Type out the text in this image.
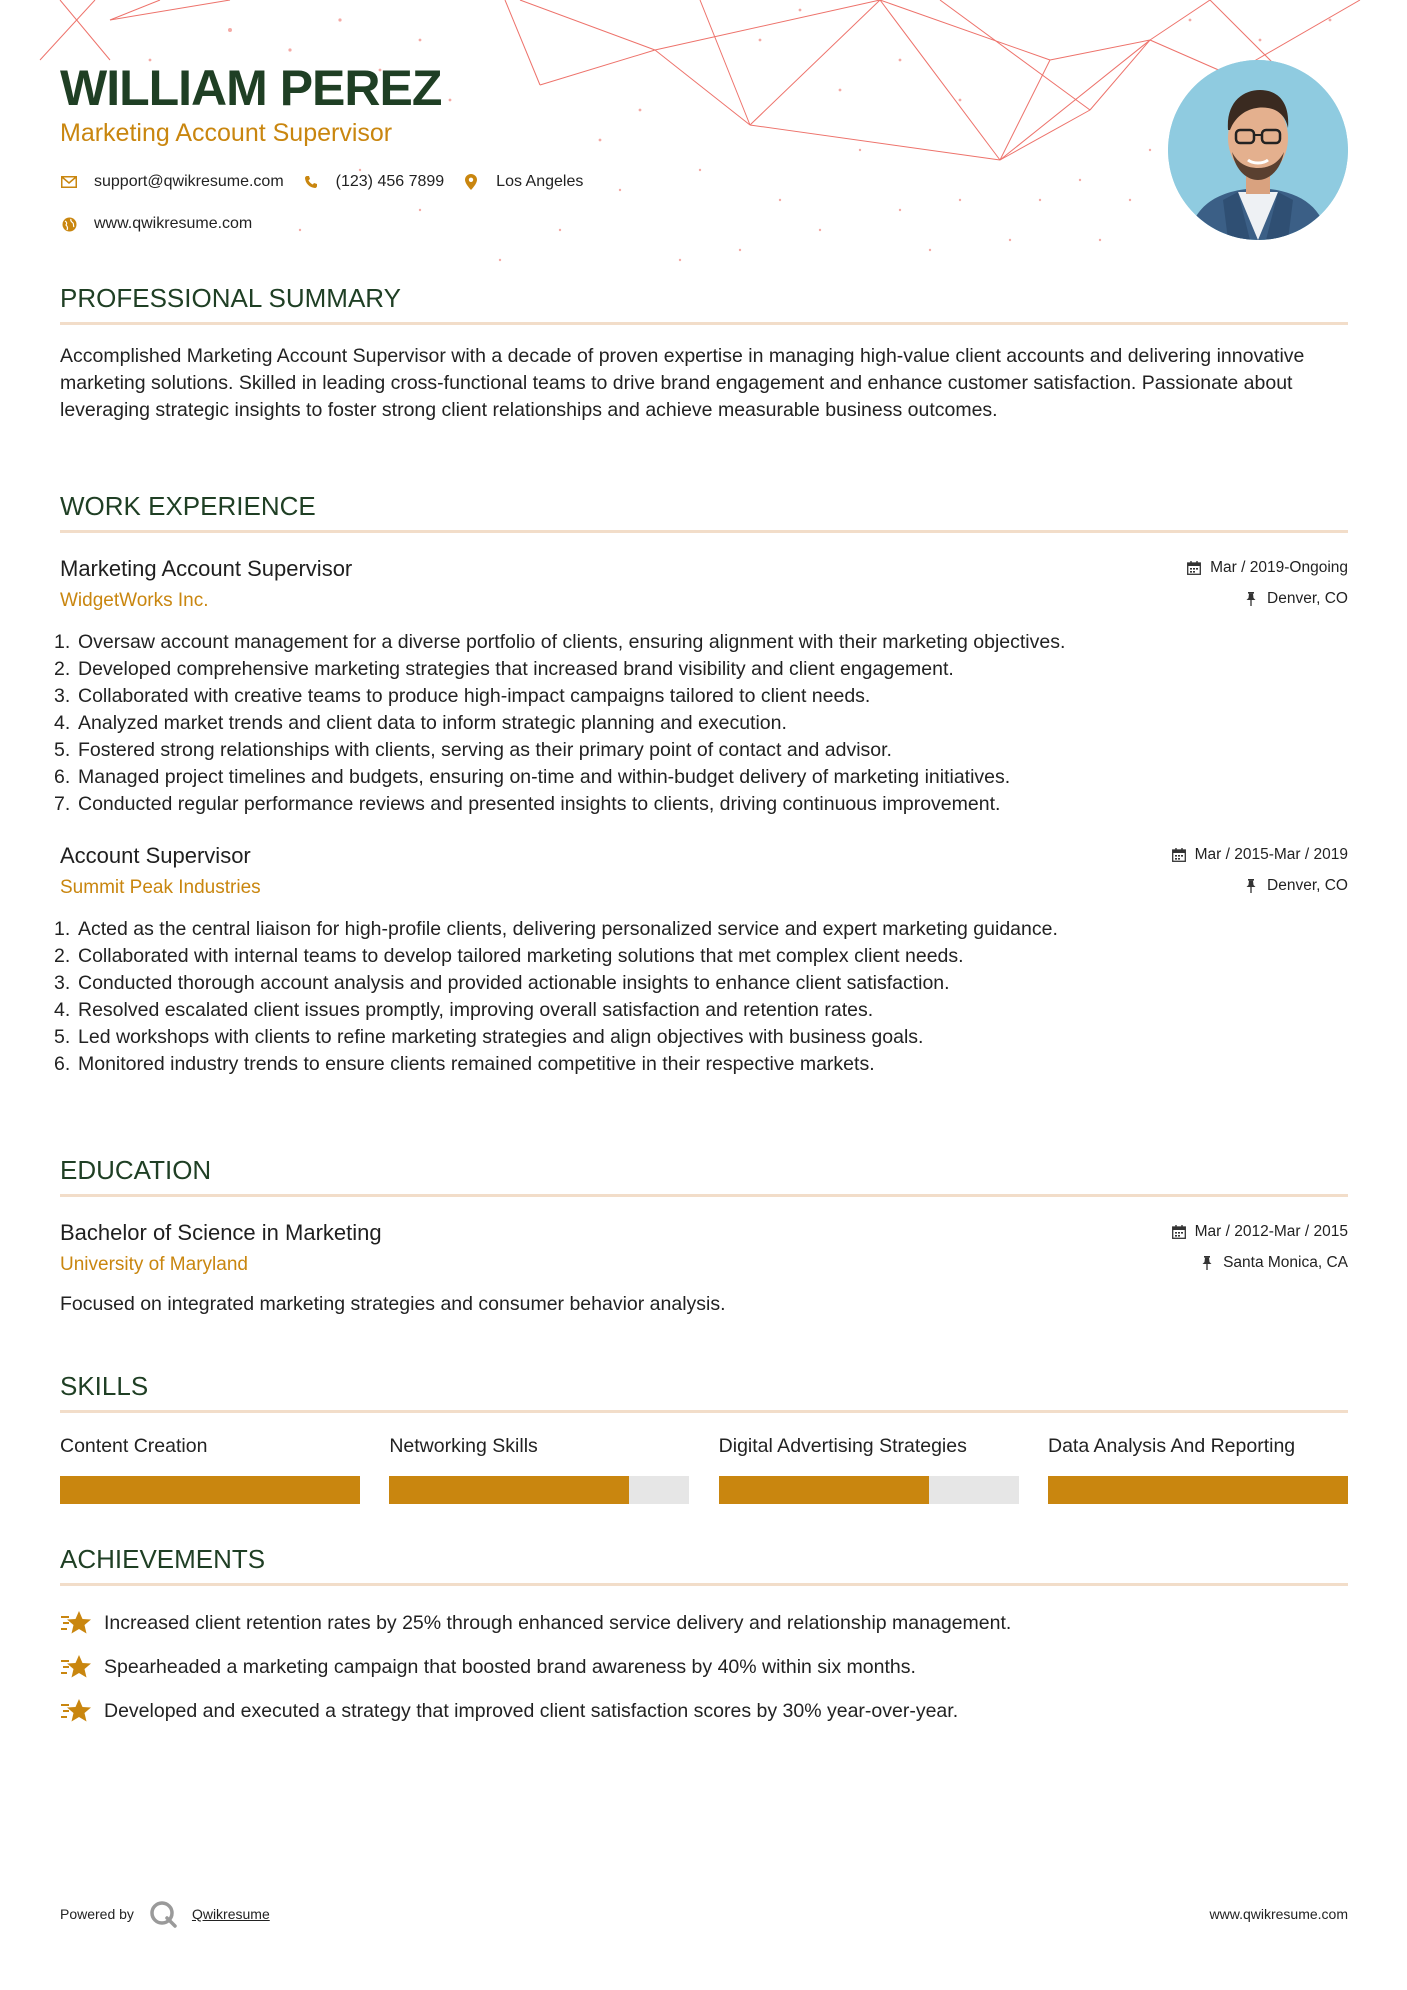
WILLIAM PEREZ
Marketing Account Supervisor
support@qwikresume.com	(123) 456 7899	Los Angeles
www.qwikresume.com
PROFESSIONAL SUMMARY
Accomplished Marketing Account Supervisor with a decade of proven expertise in managing high-value client accounts and delivering innovative marketing solutions. Skilled in leading cross-functional teams to drive brand engagement and enhance customer satisfaction. Passionate about leveraging strategic insights to foster strong client relationships and achieve measurable business outcomes.
WORK EXPERIENCE
Marketing Account Supervisor
WidgetWorks Inc.
Mar / 2019-Ongoing
Denver, CO
1. Oversaw account management for a diverse portfolio of clients, ensuring alignment with their marketing objectives.
2. Developed comprehensive marketing strategies that increased brand visibility and client engagement.
3. Collaborated with creative teams to produce high-impact campaigns tailored to client needs.
4. Analyzed market trends and client data to inform strategic planning and execution.
5. Fostered strong relationships with clients, serving as their primary point of contact and advisor.
6. Managed project timelines and budgets, ensuring on-time and within-budget delivery of marketing initiatives.
7. Conducted regular performance reviews and presented insights to clients, driving continuous improvement.
Account Supervisor
Summit Peak Industries
Mar / 2015-Mar / 2019
Denver, CO
1. Acted as the central liaison for high-profile clients, delivering personalized service and expert marketing guidance.
2. Collaborated with internal teams to develop tailored marketing solutions that met complex client needs.
3. Conducted thorough account analysis and provided actionable insights to enhance client satisfaction.
4. Resolved escalated client issues promptly, improving overall satisfaction and retention rates.
5. Led workshops with clients to refine marketing strategies and align objectives with business goals.
6. Monitored industry trends to ensure clients remained competitive in their respective markets.
EDUCATION
Bachelor of Science in Marketing
University of Maryland
Mar / 2012-Mar / 2015
Santa Monica, CA
Focused on integrated marketing strategies and consumer behavior analysis.
SKILLS
Content Creation	Networking Skills	Digital Advertising Strategies	Data Analysis And Reporting
ACHIEVEMENTS
Increased client retention rates by 25% through enhanced service delivery and relationship management.
Spearheaded a marketing campaign that boosted brand awareness by 40% within six months.
Developed and executed a strategy that improved client satisfaction scores by 30% year-over-year.
Powered by	Qwikresume	www.qwikresume.com
